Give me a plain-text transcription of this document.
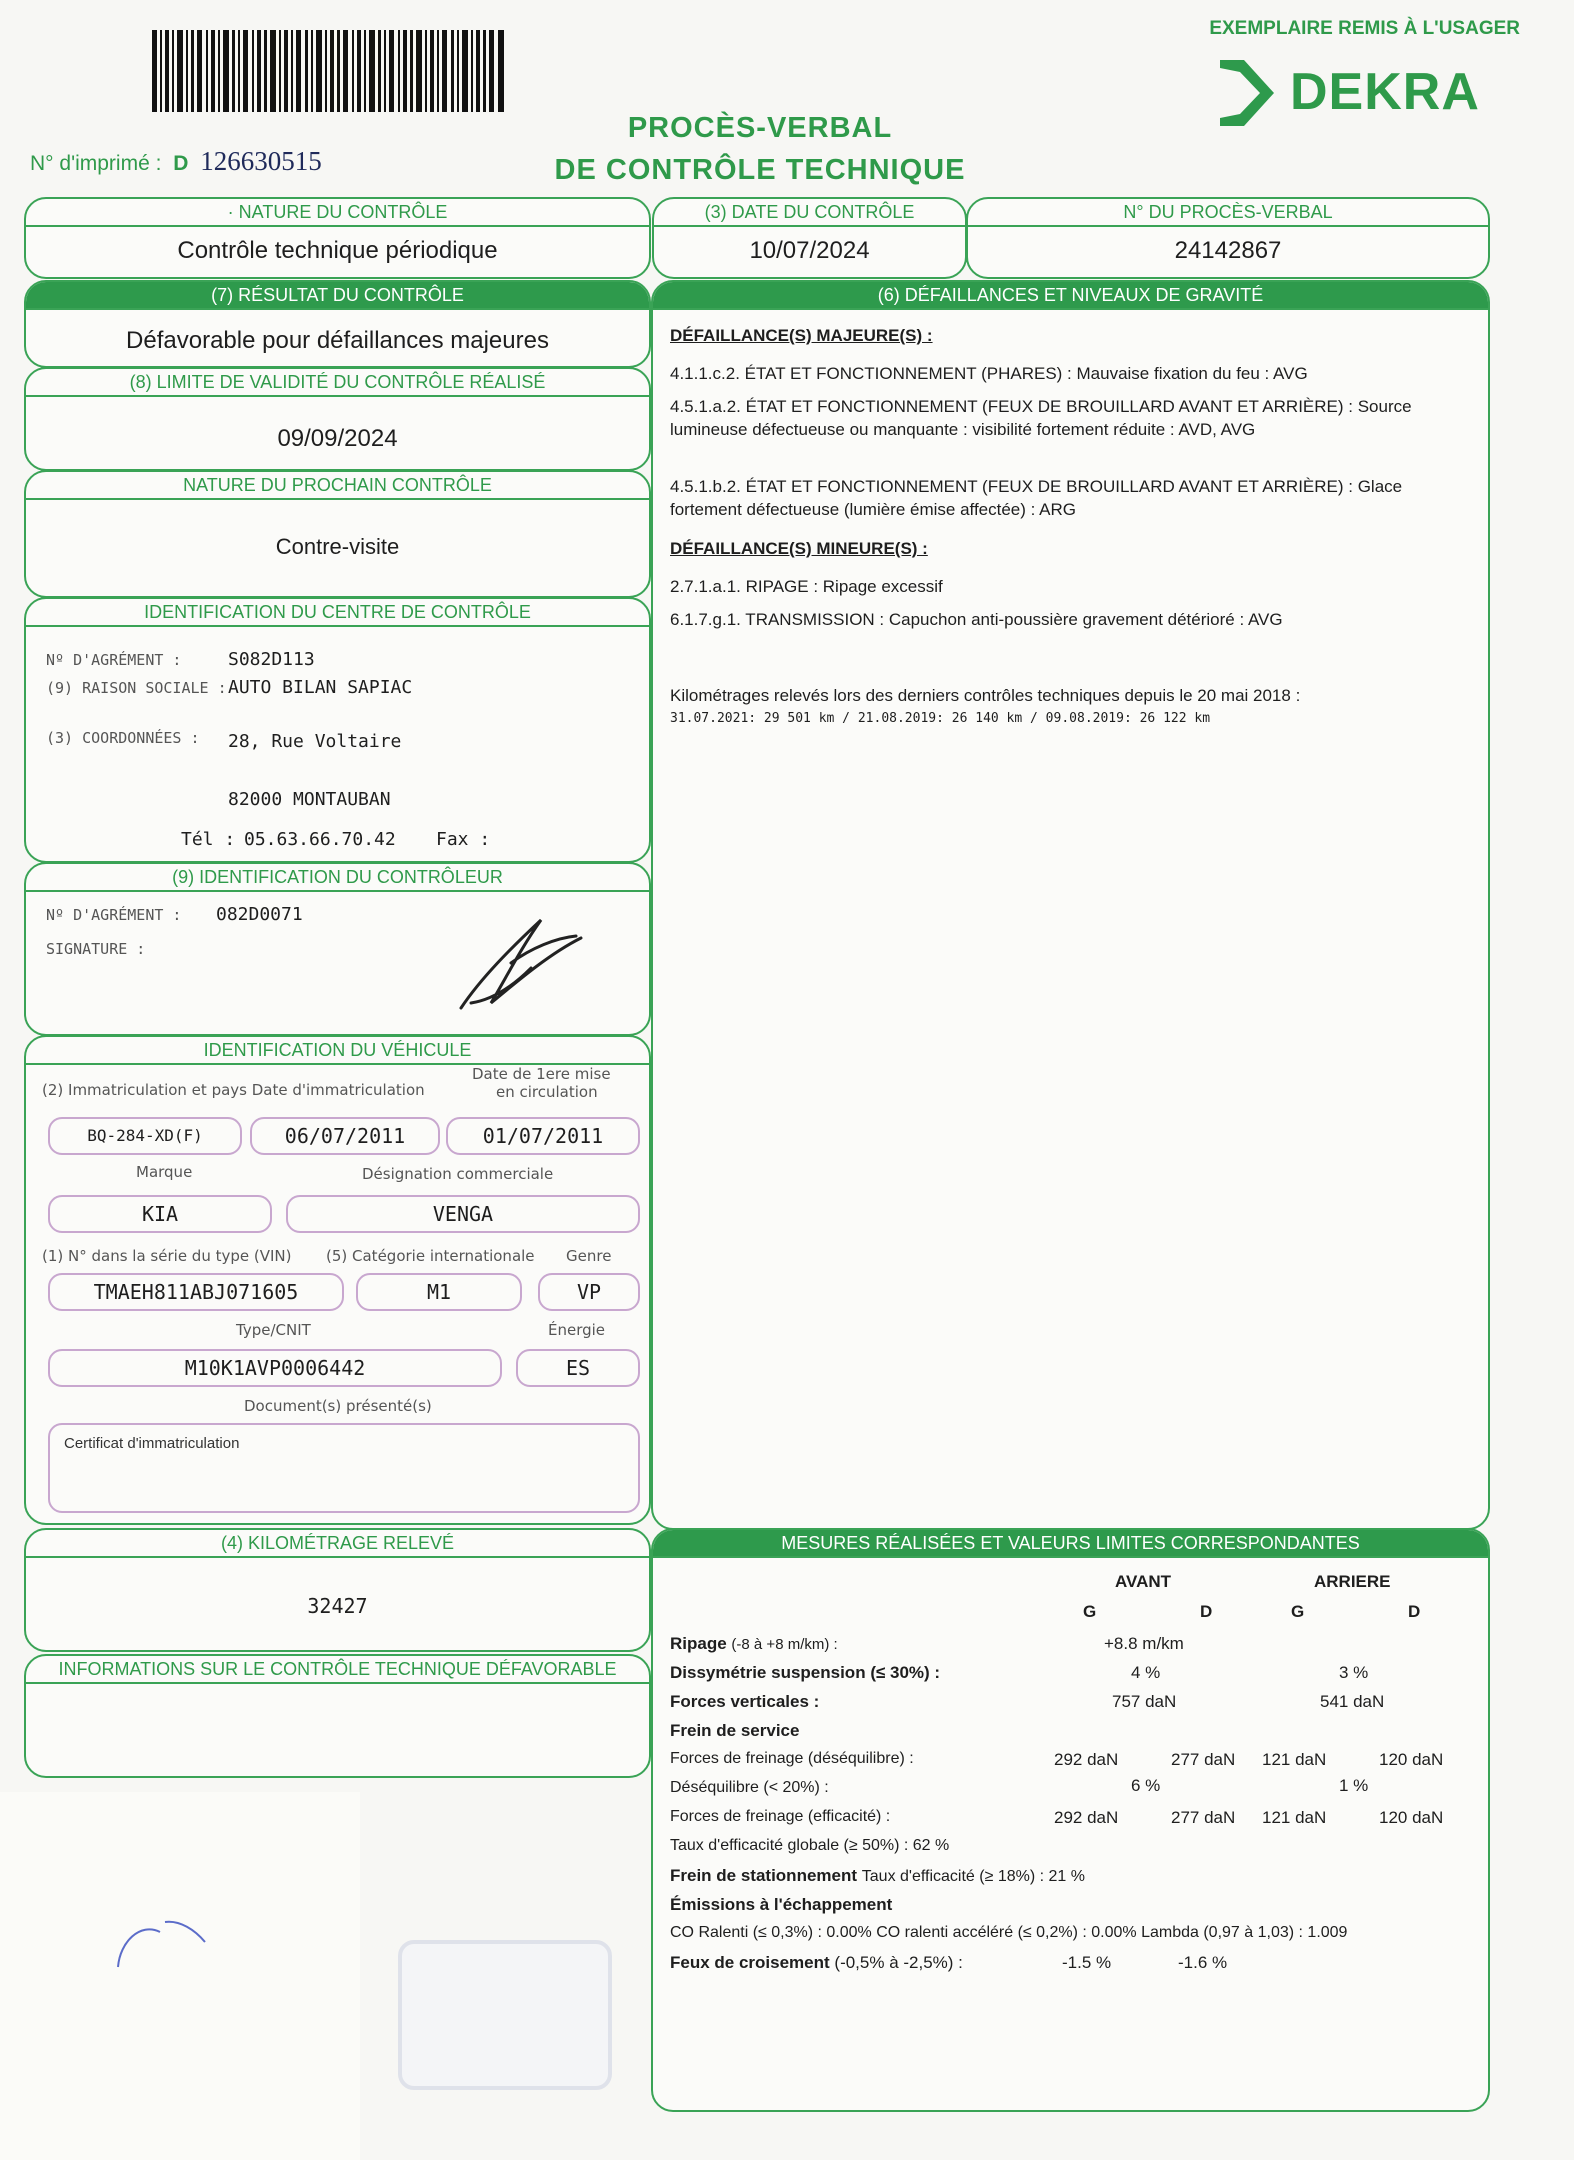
N° d'imprimé : D 126630515
PROCÈS-VERBAL
DE CONTRÔLE TECHNIQUE
EXEMPLAIRE REMIS À L'USAGER
DEKRA
· NATURE DU CONTRÔLE
Contrôle technique périodique
(3) DATE DU CONTRÔLE
10/07/2024
N° DU PROCÈS-VERBAL
24142867
(7) RÉSULTAT DU CONTRÔLE
Défavorable pour défaillances majeures
(8) LIMITE DE VALIDITÉ DU CONTRÔLE RÉALISÉ
09/09/2024
NATURE DU PROCHAIN CONTRÔLE
Contre-visite
IDENTIFICATION DU CENTRE DE CONTRÔLE
Nº D'AGRÉMENT :	S082D113
(9) RAISON SOCIALE : AUTO BILAN SAPIAC
(3) COORDONNÉES : 28, Rue Voltaire
82000 MONTAUBAN
Tél : 05.63.66.70.42 Fax :
(9) IDENTIFICATION DU CONTRÔLEUR
Nº D'AGRÉMENT : 082D0071
SIGNATURE :
IDENTIFICATION DU VÉHICULE
(2) Immatriculation et pays Date d'immatriculation
Date de 1ere mise
en circulation
BQ-284-XD(F)	06/07/2011	01/07/2011
Marque	Désignation commerciale
KIA	VENGA
(1) N° dans la série du type (VIN) (5) Catégorie internationale Genre
TMAEH811ABJ071605	M1	VP
Type/CNIT	Énergie
M10K1AVP0006442	ES
Document(s) présenté(s)
Certificat d'immatriculation
(4) KILOMÉTRAGE RELEVÉ
32427
INFORMATIONS SUR LE CONTRÔLE TECHNIQUE DÉFAVORABLE
(6) DÉFAILLANCES ET NIVEAUX DE GRAVITÉ
DÉFAILLANCE(S) MAJEURE(S) :
4.1.1.c.2. ÉTAT ET FONCTIONNEMENT (PHARES) : Mauvaise fixation du feu : AVG
4.5.1.a.2. ÉTAT ET FONCTIONNEMENT (FEUX DE BROUILLARD AVANT ET ARRIÈRE) : Source lumineuse défectueuse ou manquante : visibilité fortement réduite : AVD, AVG
4.5.1.b.2. ÉTAT ET FONCTIONNEMENT (FEUX DE BROUILLARD AVANT ET ARRIÈRE) : Glace fortement défectueuse (lumière émise affectée) : ARG
DÉFAILLANCE(S) MINEURE(S) :
2.7.1.a.1. RIPAGE : Ripage excessif
6.1.7.g.1. TRANSMISSION : Capuchon anti-poussière gravement détérioré : AVG
Kilométrages relevés lors des derniers contrôles techniques depuis le 20 mai 2018 :
31.07.2021: 29 501 km / 21.08.2019: 26 140 km / 09.08.2019: 26 122 km
MESURES RÉALISÉES ET VALEURS LIMITES CORRESPONDANTES
AVANT	ARRIERE
G	D	G	D
Ripage (-8 à +8 m/km) :	+8.8 m/km
Dissymétrie suspension (≤ 30%) :	4 %	3 %
Forces verticales :	757 daN	541 daN
Frein de service
Forces de freinage (déséquilibre) :	292 daN	277 daN 121 daN	120 daN
Déséquilibre (< 20%) :	6 %	1 %
Forces de freinage (efficacité) :	292 daN	277 daN 121 daN	120 daN
Taux d'efficacité globale (≥ 50%) : 62 %
Frein de stationnement Taux d'efficacité (≥ 18%) : 21 %
Émissions à l'échappement
CO Ralenti (≤ 0,3%) : 0.00% CO ralenti accéléré (≤ 0,2%) : 0.00% Lambda (0,97 à 1,03) : 1.009
Feux de croisement (-0,5% à -2,5%) :	-1.5 %	-1.6 %
